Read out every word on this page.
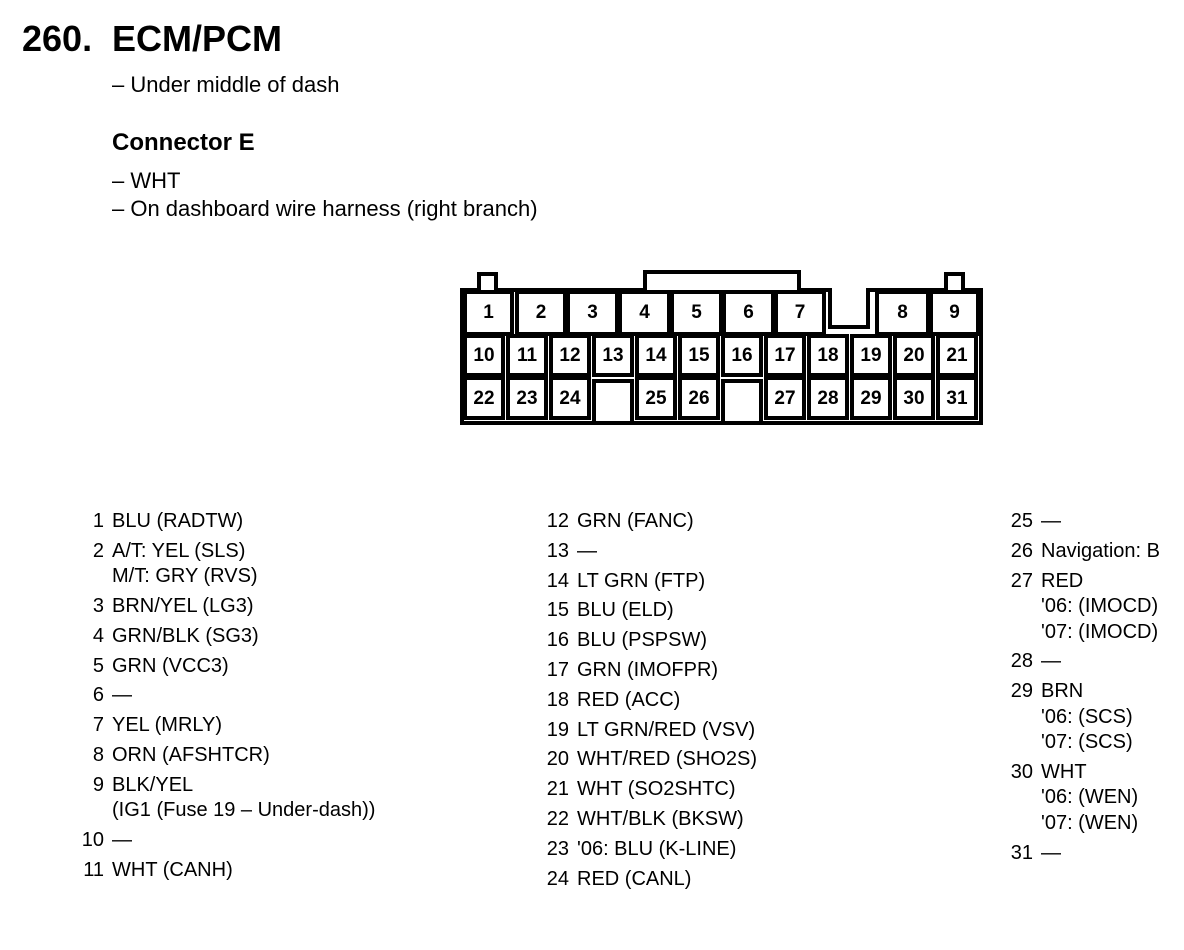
260. ECM/PCM
– Under middle of dash
Connector E
– WHT
– On dashboard wire harness (right branch)
1 2 3 4 5 6 7	8 9
10 11 12 13 14 15 16 17 18 19 20 21
22 23 24	25 26	27 28 29 30 31
1 BLU (RADTW)
2 A/T: YEL (SLS)
M/T: GRY (RVS)
3 BRN/YEL (LG3)
4 GRN/BLK (SG3)
5 GRN (VCC3)
6 —
7 YEL (MRLY)
8 ORN (AFSHTCR)
9 BLK/YEL
(IG1 (Fuse 19 – Under-dash))
10 —
11 WHT (CANH)
12 GRN (FANC)
13 —
14 LT GRN (FTP)
15 BLU (ELD)
16 BLU (PSPSW)
17 GRN (IMOFPR)
18 RED (ACC)
19 LT GRN/RED (VSV)
20 WHT/RED (SHO2S)
21 WHT (SO2SHTC)
22 WHT/BLK (BKSW)
23 '06: BLU (K-LINE)
24 RED (CANL)
25 —
26 Navigation: B
27 RED
'06: (IMOCD)
'07: (IMOCD)
28 —
29 BRN
'06: (SCS)
'07: (SCS)
30 WHT
'06: (WEN)
'07: (WEN)
31 —
